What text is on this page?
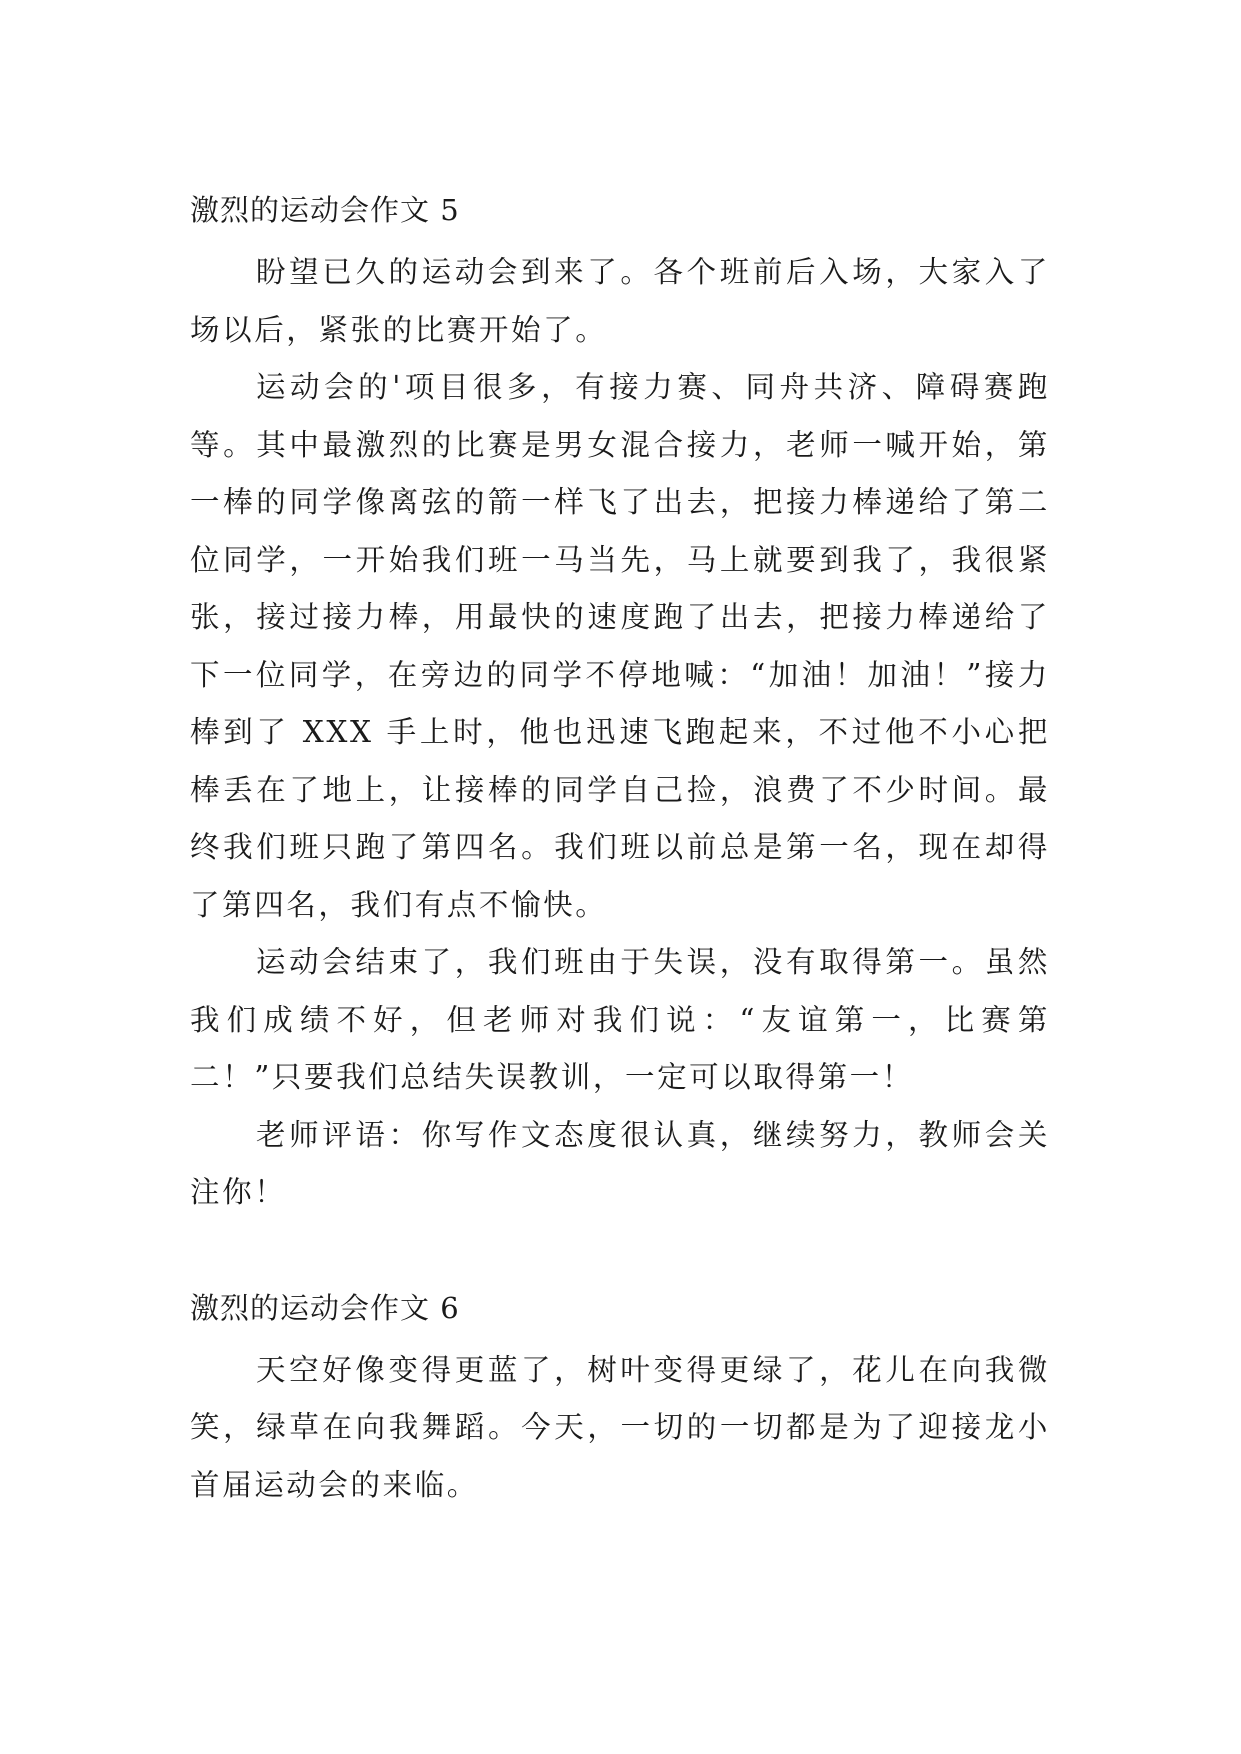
激烈的运动会作文 5

盼望已久的运动会到来了。各个班前后入场，大家入了场以后，紧张的比赛开始了。

运动会的'项目很多，有接力赛、同舟共济、障碍赛跑等。其中最激烈的比赛是男女混合接力，老师一喊开始，第一棒的同学像离弦的箭一样飞了出去，把接力棒递给了第二位同学，一开始我们班一马当先，马上就要到我了，我很紧张，接过接力棒，用最快的速度跑了出去，把接力棒递给了下一位同学，在旁边的同学不停地喊：“加油！加油！”接力棒到了 XXX 手上时，他也迅速飞跑起来，不过他不小心把棒丢在了地上，让接棒的同学自己捡，浪费了不少时间。最终我们班只跑了第四名。我们班以前总是第一名，现在却得了第四名，我们有点不愉快。

运动会结束了，我们班由于失误，没有取得第一。虽然我们成绩不好，但老师对我们说：“友谊第一，比赛第二！”只要我们总结失误教训，一定可以取得第一！

老师评语：你写作文态度很认真，继续努力，教师会关注你！

激烈的运动会作文 6

天空好像变得更蓝了，树叶变得更绿了，花儿在向我微笑，绿草在向我舞蹈。今天，一切的一切都是为了迎接龙小首届运动会的来临。
